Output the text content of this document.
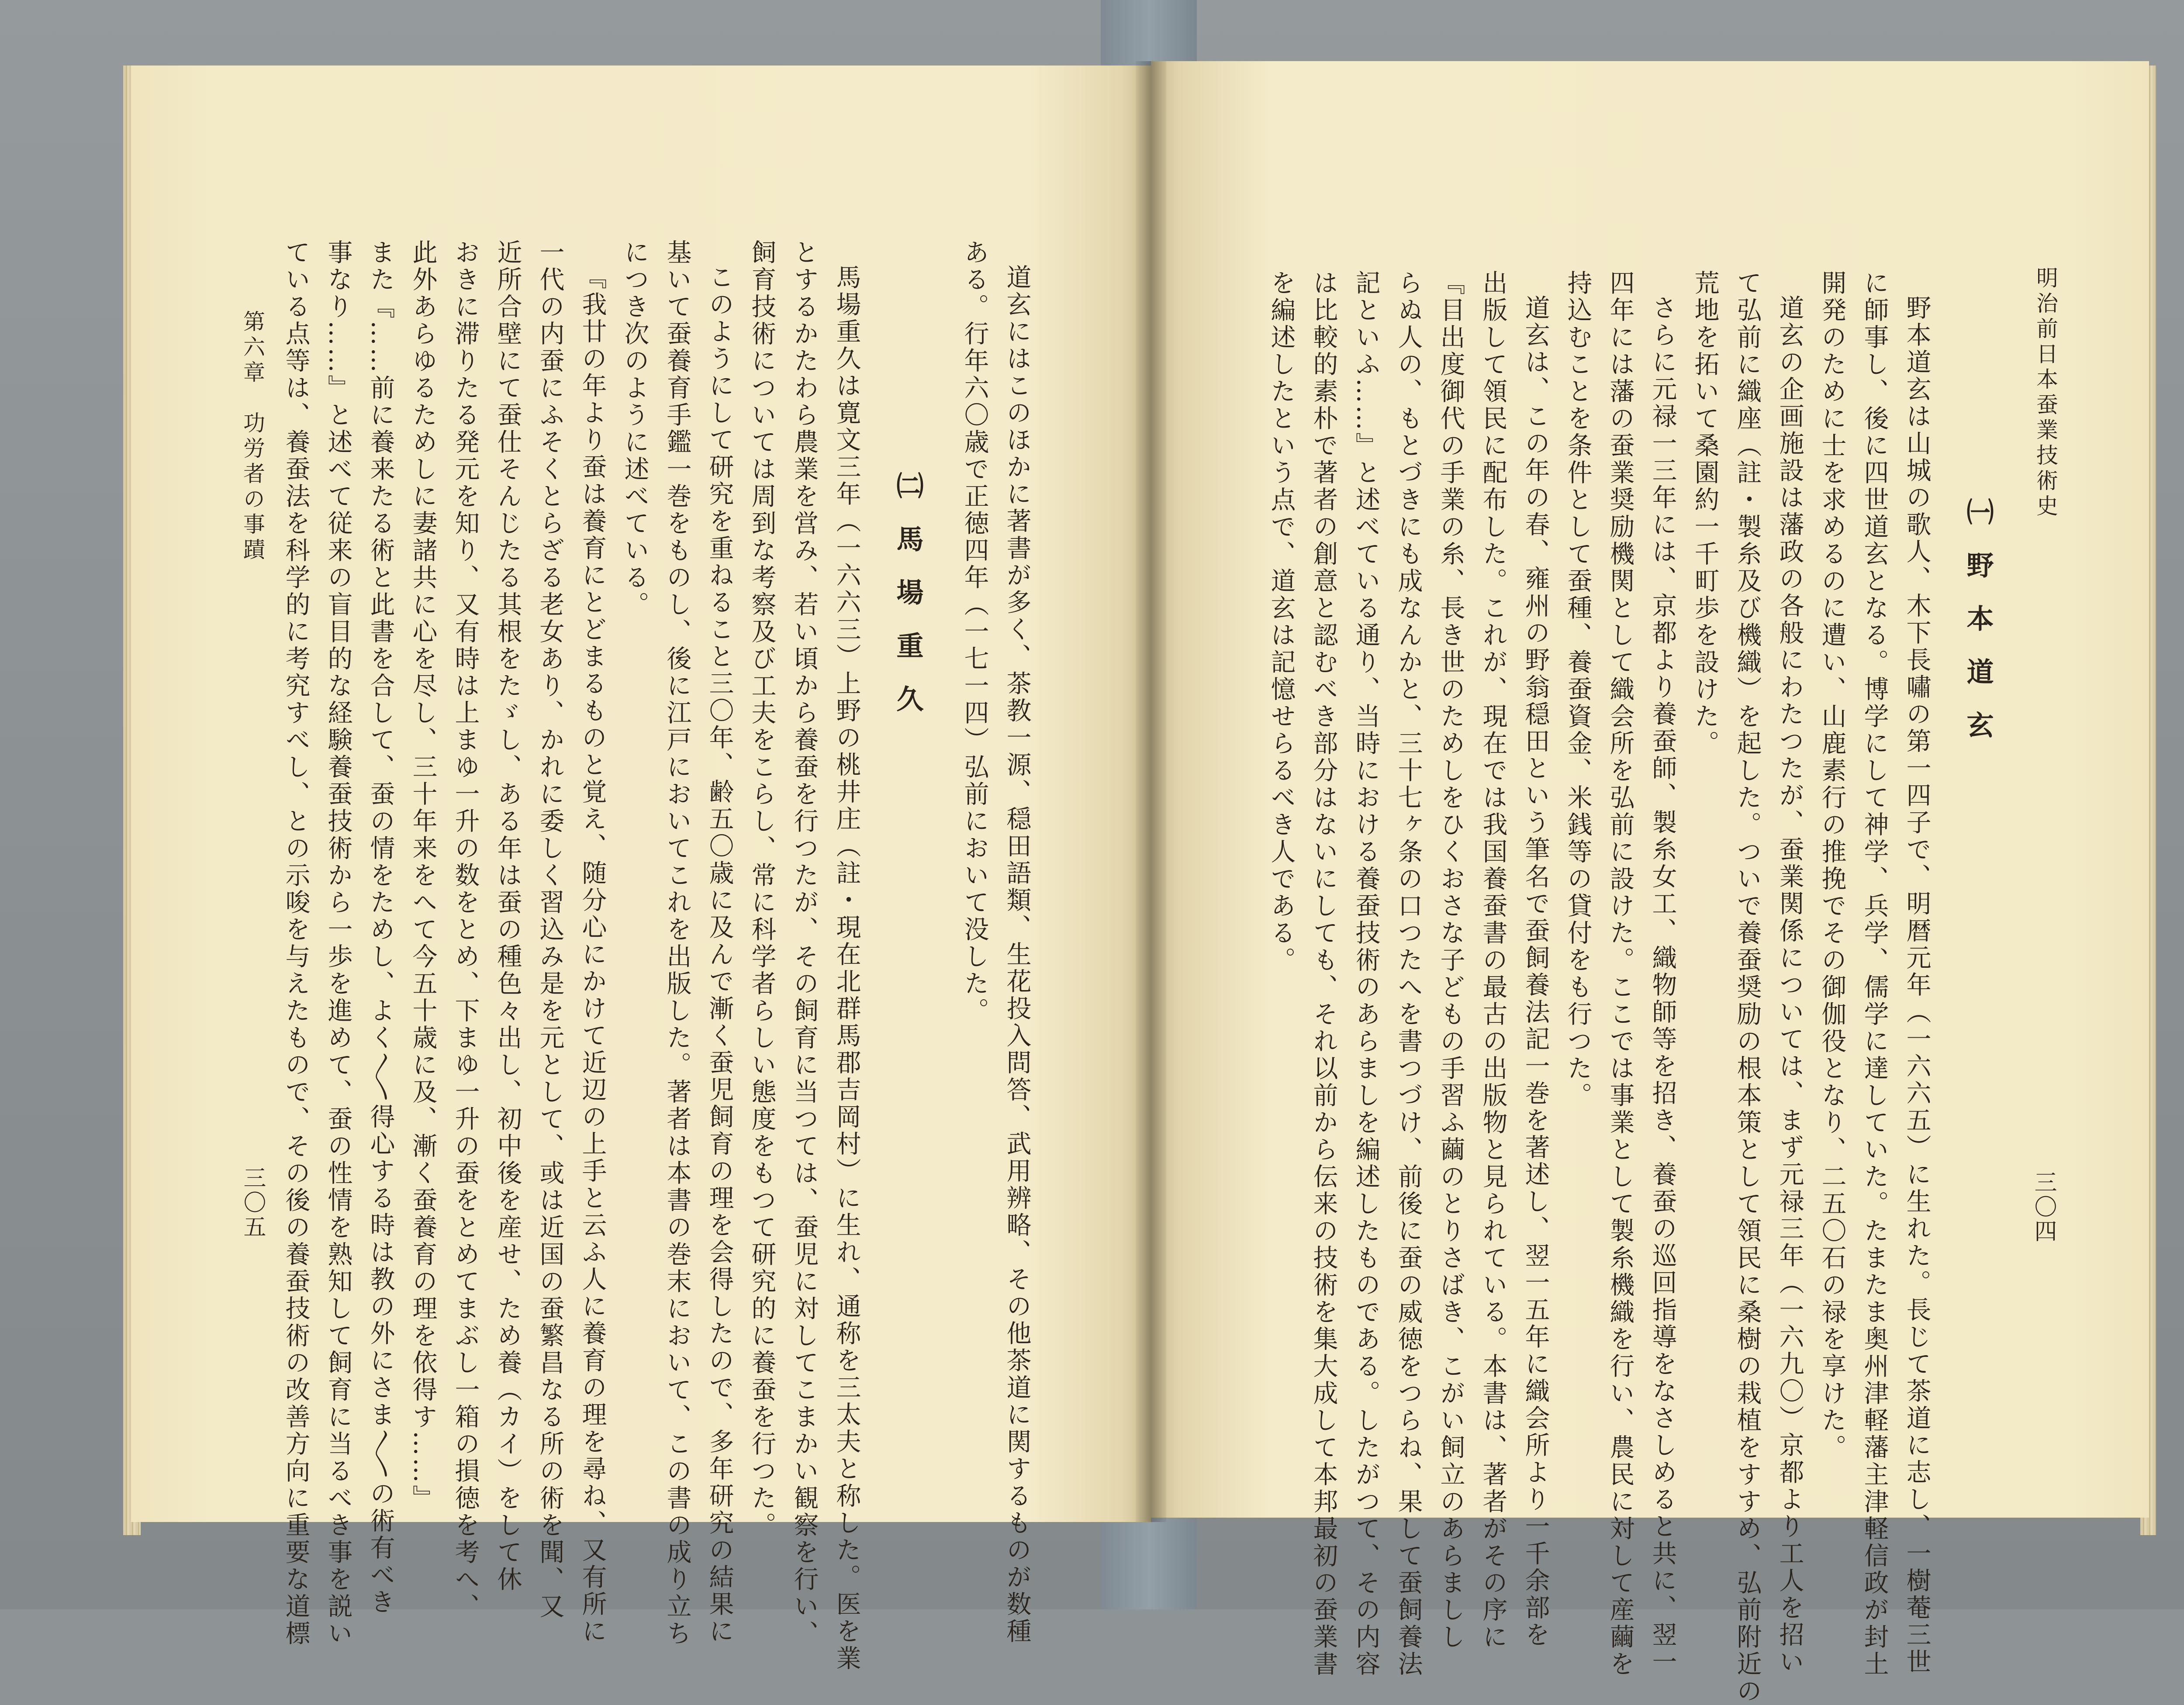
明治前日本蚕業技術史
三〇四
㈠野本道玄
野本道玄は山城の歌人、木下長嘯の第一四子で、明暦元年（一六六五）に生れた。長じて茶道に志し、一樹菴三世
に師事し、後に四世道玄となる。博学にして神学、兵学、儒学に達していた。たまたま奥州津軽藩主津軽信政が封土
開発のために士を求めるのに遭い、山鹿素行の推挽でその御伽役となり、二五〇石の禄を享けた。
道玄の企画施設は藩政の各般にわたつたが、蚕業関係については、まず元禄三年（一六九〇）京都より工人を招い
て弘前に織座（註・製糸及び機織）を起した。ついで養蚕奨励の根本策として領民に桑樹の栽植をすすめ、弘前附近の
荒地を拓いて桑園約一千町歩を設けた。
さらに元禄一三年には、京都より養蚕師、製糸女工、織物師等を招き、養蚕の巡回指導をなさしめると共に、翌一
四年には藩の蚕業奨励機関として織会所を弘前に設けた。ここでは事業として製糸機織を行い、農民に対して産繭を
持込むことを条件として蚕種、養蚕資金、米銭等の貸付をも行つた。
道玄は、この年の春、雍州の野翁穏田という筆名で蚕飼養法記一巻を著述し、翌一五年に織会所より一千余部を
出版して領民に配布した。これが、現在では我国養蚕書の最古の出版物と見られている。本書は、著者がその序に
『目出度御代の手業の糸、長き世のためしをひくおさな子どもの手習ふ繭のとりさばき、こがい飼立のあらましし
らぬ人の、もとづきにも成なんかと、三十七ヶ条の口つたへを書つづけ、前後に蚕の威徳をつらね、果して蚕飼養法
記といふ……』と述べている通り、当時における養蚕技術のあらましを編述したものである。したがつて、その内容
は比較的素朴で著者の創意と認むべき部分はないにしても、それ以前から伝来の技術を集大成して本邦最初の蚕業書
を編述したという点で、道玄は記憶せらるべき人である。
道玄にはこのほかに著書が多く、茶教一源、穏田語類、生花投入問答、武用辨略、その他茶道に関するものが数種
ある。行年六〇歳で正徳四年（一七一四）弘前において没した。
㈡馬場重久
馬場重久は寛文三年（一六六三）上野の桃井庄（註・現在北群馬郡吉岡村）に生れ、通称を三太夫と称した。医を業
とするかたわら農業を営み、若い頃から養蚕を行つたが、その飼育に当つては、蚕児に対してこまかい観察を行い、
飼育技術については周到な考察及び工夫をこらし、常に科学者らしい態度をもつて研究的に養蚕を行つた。
このようにして研究を重ねること三〇年、齢五〇歳に及んで漸く蚕児飼育の理を会得したので、多年研究の結果に
基いて蚕養育手鑑一巻をものし、後に江戸においてこれを出版した。著者は本書の巻末において、この書の成り立ち
につき次のように述べている。
『我廿の年より蚕は養育にとどまるものと覚え、随分心にかけて近辺の上手と云ふ人に養育の理を尋ね、又有所に
一代の内蚕にふそくとらざる老女あり、かれに委しく習込み是を元として、或は近国の蚕繁昌なる所の術を聞、又
近所合壁にて蚕仕そんじたる其根をたゞし、ある年は蚕の種色々出し、初中後を産せ、ため養（カイ）をして休
おきに滞りたる発元を知り、又有時は上まゆ一升の数をとめ、下まゆ一升の蚕をとめてまぶし一箱の損徳を考へ、
此外あらゆるためしに妻諸共に心を尽し、三十年来をへて今五十歳に及、漸く蚕養育の理を依得す……』
また『……前に養来たる術と此書を合して、蚕の情をためし、よく〳〵得心する時は教の外にさま〳〵の術有べき
事なり……』と述べて従来の盲目的な経験養蚕技術から一歩を進めて、蚕の性情を熟知して飼育に当るべき事を説い
ている点等は、養蚕法を科学的に考究すべし、との示唆を与えたもので、その後の養蚕技術の改善方向に重要な道標
第六章　功労者の事蹟
三〇五
